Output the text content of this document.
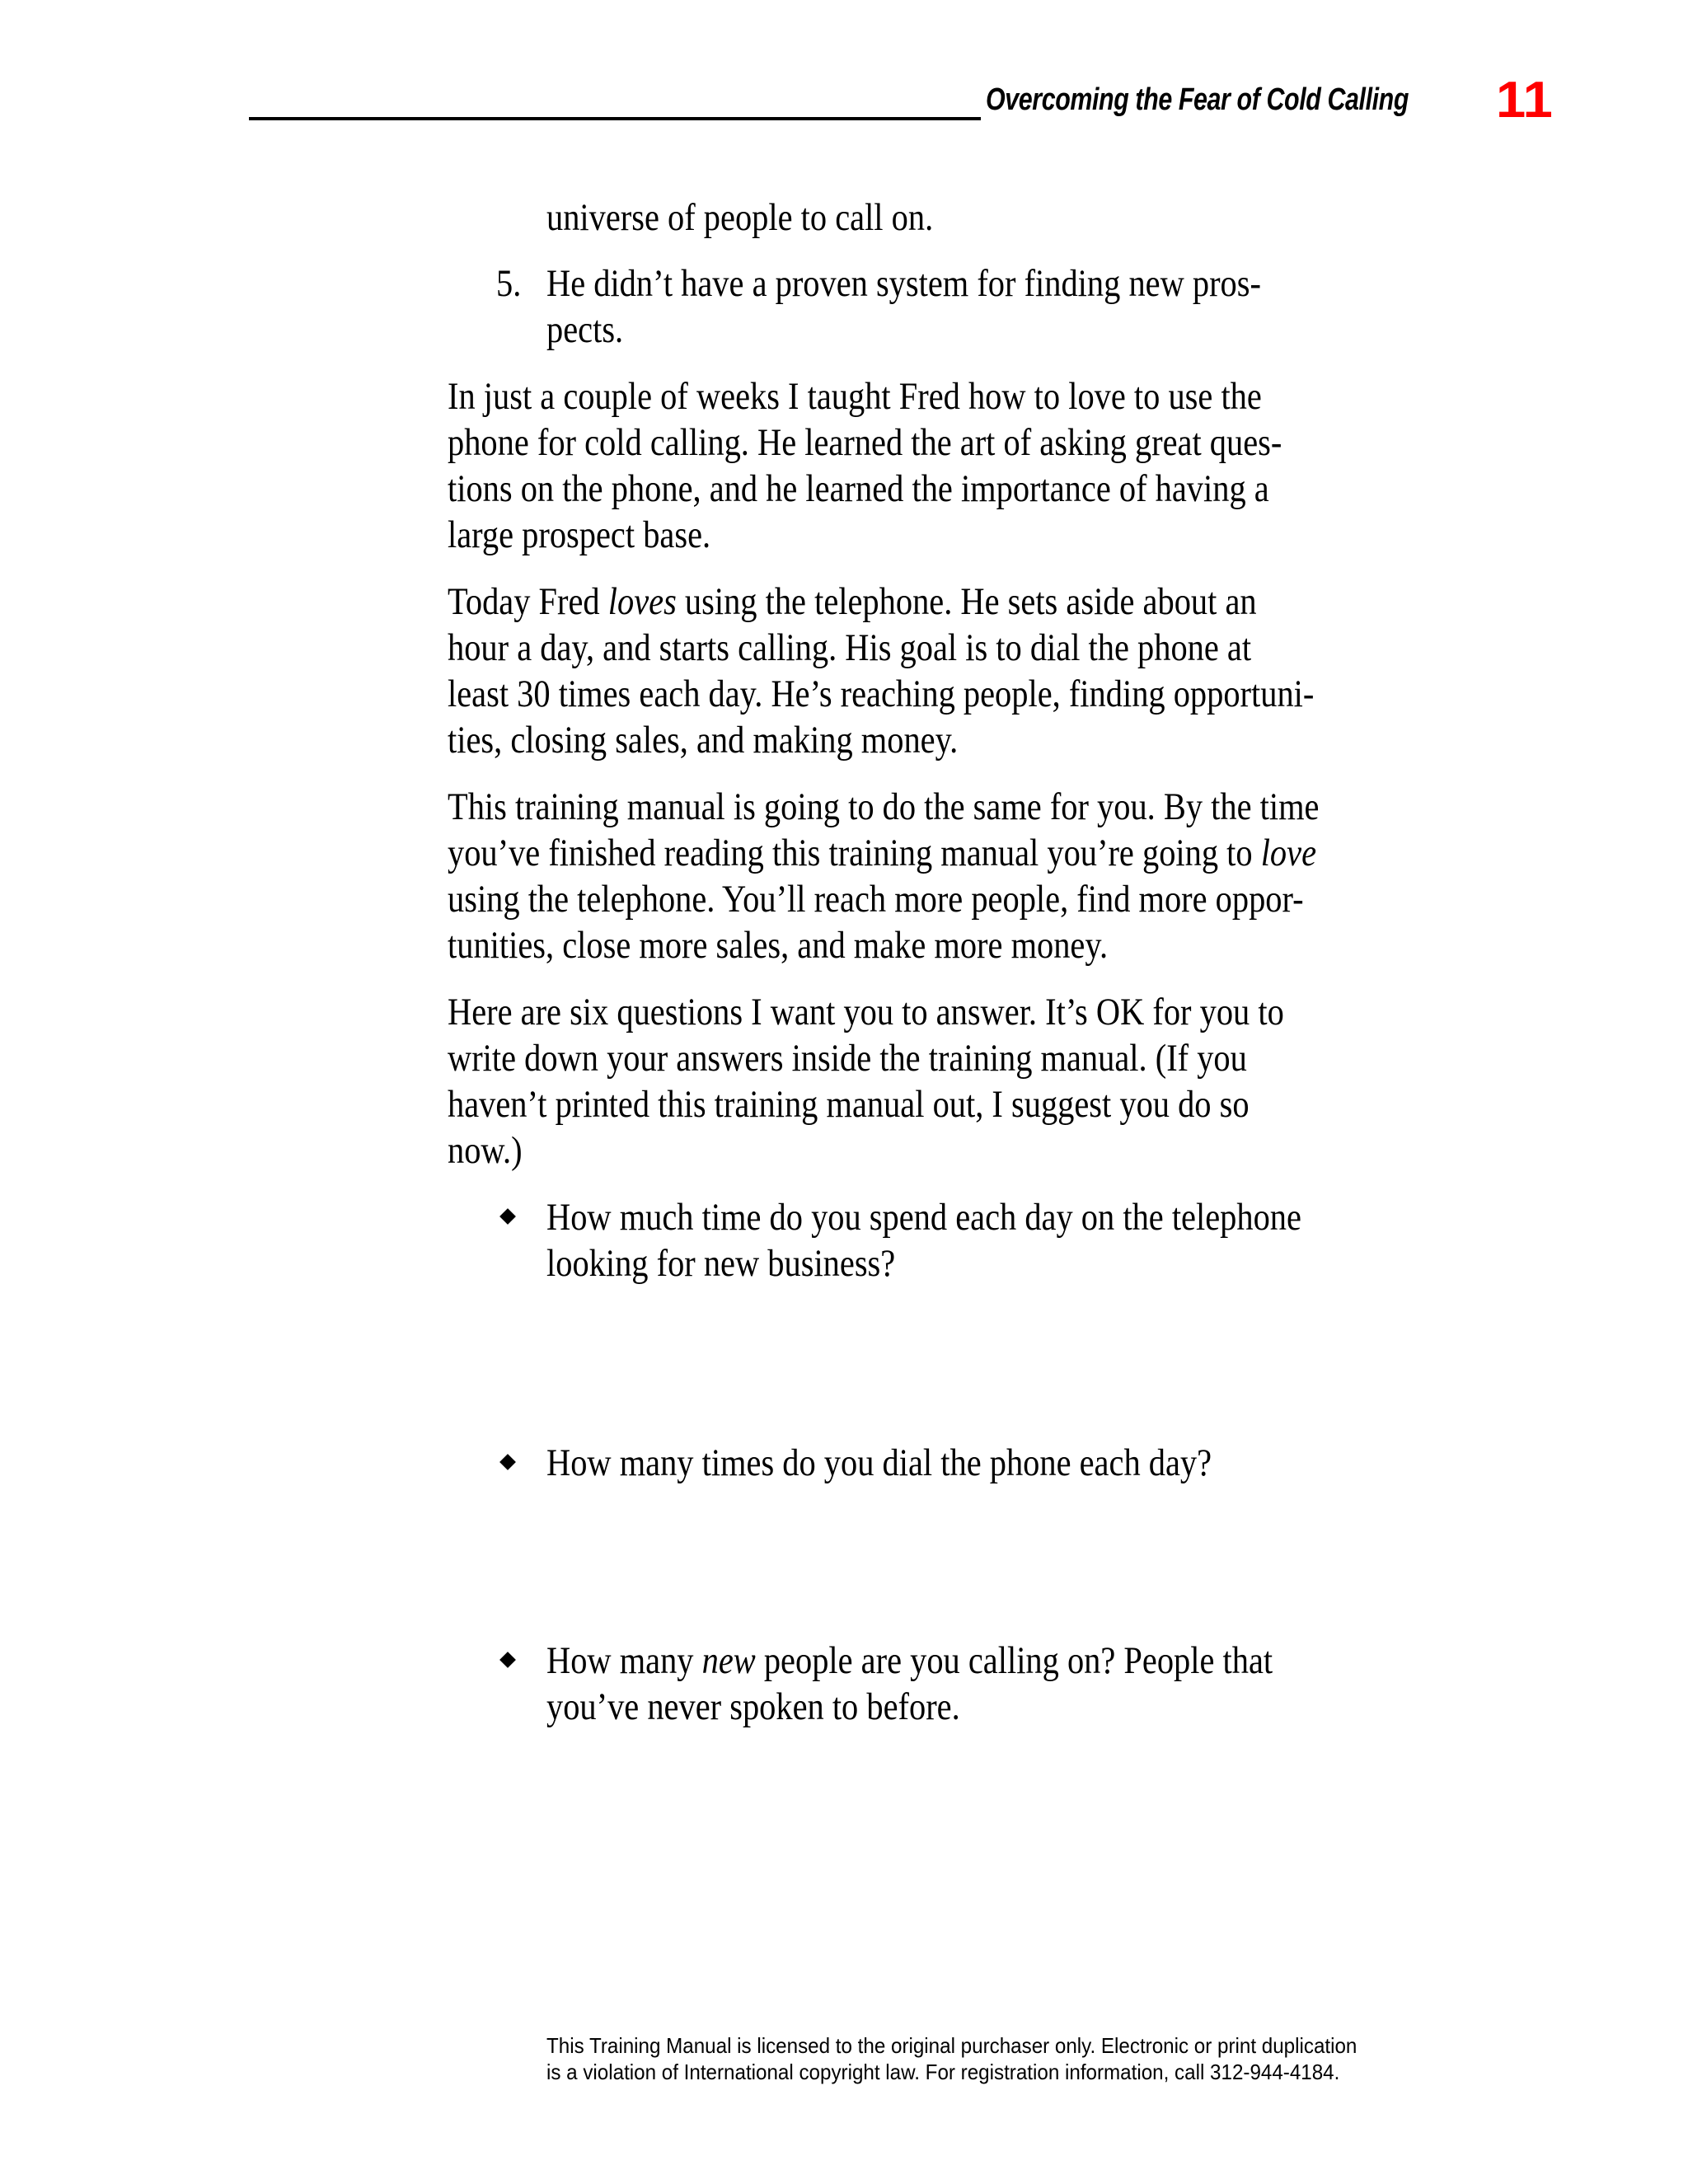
Overcoming the Fear of Cold Calling 11
universe of people to call on.
5. He didn’t have a proven system for finding new pros-
pects.
In just a couple of weeks I taught Fred how to love to use the
phone for cold calling. He learned the art of asking great ques-
tions on the phone, and he learned the importance of having a
large prospect base.
Today Fred loves using the telephone. He sets aside about an
hour a day, and starts calling. His goal is to dial the phone at
least 30 times each day. He’s reaching people, finding opportuni-
ties, closing sales, and making money.
This training manual is going to do the same for you. By the time
you’ve finished reading this training manual you’re going to love
using the telephone. You’ll reach more people, find more oppor-
tunities, close more sales, and make more money.
Here are six questions I want you to answer. It’s OK for you to
write down your answers inside the training manual. (If you
haven’t printed this training manual out, I suggest you do so
now.)
How much time do you spend each day on the telephone
looking for new business?
How many times do you dial the phone each day?
How many new people are you calling on? People that
you’ve never spoken to before.
This Training Manual is licensed to the original purchaser only. Electronic or print duplication
is a violation of International copyright law. For registration information, call 312-944-4184.
